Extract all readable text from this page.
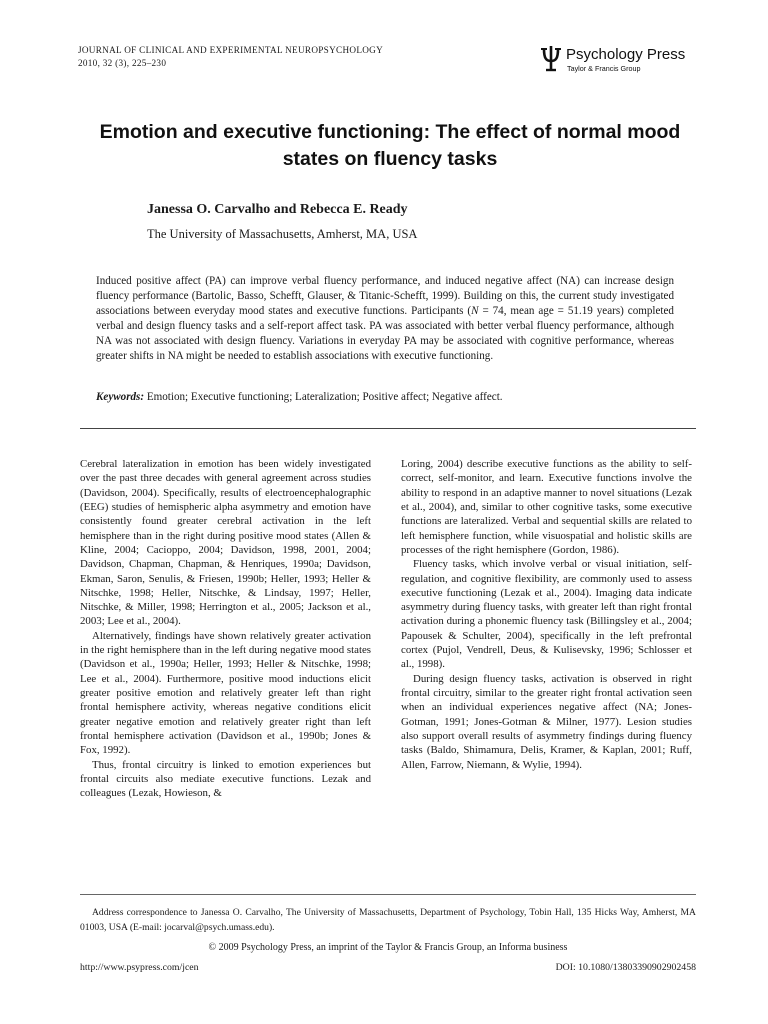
JOURNAL OF CLINICAL AND EXPERIMENTAL NEUROPSYCHOLOGY
2010, 32 (3), 225–230	Psychology Press
Taylor & Francis Group
Emotion and executive functioning: The effect of normal mood states on fluency tasks
Janessa O. Carvalho and Rebecca E. Ready
The University of Massachusetts, Amherst, MA, USA
Induced positive affect (PA) can improve verbal fluency performance, and induced negative affect (NA) can increase design fluency performance (Bartolic, Basso, Schefft, Glauser, & Titanic-Schefft, 1999). Building on this, the current study investigated associations between everyday mood states and executive functions. Participants (N = 74, mean age = 51.19 years) completed verbal and design fluency tasks and a self-report affect task. PA was associated with better verbal fluency performance, although NA was not associated with design fluency. Variations in everyday PA may be associated with cognitive performance, whereas greater shifts in NA might be needed to establish associations with executive functioning.
Keywords: Emotion; Executive functioning; Lateralization; Positive affect; Negative affect.

Cerebral lateralization in emotion has been widely investigated over the past three decades with general agreement across studies (Davidson, 2004). Specifically, results of electroencephalographic (EEG) studies of hemispheric alpha asymmetry and emotion have consistently found greater cerebral activation in the left hemisphere than in the right during positive mood states (Allen & Kline, 2004; Cacioppo, 2004; Davidson, 1998, 2001, 2004; Davidson, Chapman, Chapman, & Henriques, 1990a; Davidson, Ekman, Saron, Senulis, & Friesen, 1990b; Heller, 1993; Heller & Nitschke, 1998; Heller, Nitschke, & Lindsay, 1997; Heller, Nitschke, & Miller, 1998; Herrington et al., 2005; Jackson et al., 2003; Lee et al., 2004).

Alternatively, findings have shown relatively greater activation in the right hemisphere than in the left during negative mood states (Davidson et al., 1990a; Heller, 1993; Heller & Nitschke, 1998; Lee et al., 2004). Furthermore, positive mood inductions elicit greater positive emotion and relatively greater left than right frontal hemisphere activity, whereas negative conditions elicit greater negative emotion and relatively greater right than left frontal hemisphere activation (Davidson et al., 1990b; Jones & Fox, 1992).

Thus, frontal circuitry is linked to emotion experiences but frontal circuits also mediate executive functions. Lezak and colleagues (Lezak, Howieson, &

Loring, 2004) describe executive functions as the ability to self-correct, self-monitor, and learn. Executive functions involve the ability to respond in an adaptive manner to novel situations (Lezak et al., 2004), and, similar to other cognitive tasks, some executive functions are lateralized. Verbal and sequential skills are related to left hemisphere function, while visuospatial and holistic skills are processes of the right hemisphere (Gordon, 1986).

Fluency tasks, which involve verbal or visual initiation, self-regulation, and cognitive flexibility, are commonly used to assess executive functioning (Lezak et al., 2004). Imaging data indicate asymmetry during fluency tasks, with greater left than right frontal activation during a phonemic fluency task (Billingsley et al., 2004; Papousek & Schulter, 2004), specifically in the left prefrontal cortex (Pujol, Vendrell, Deus, & Kulisevsky, 1996; Schlosser et al., 1998).

During design fluency tasks, activation is observed in right frontal circuitry, similar to the greater right frontal activation seen when an individual experiences negative affect (NA; Jones-Gotman, 1991; Jones-Gotman & Milner, 1977). Lesion studies also support overall results of asymmetry findings during fluency tasks (Baldo, Shimamura, Delis, Kramer, & Kaplan, 2001; Ruff, Allen, Farrow, Niemann, & Wylie, 1994).

Address correspondence to Janessa O. Carvalho, The University of Massachusetts, Department of Psychology, Tobin Hall, 135 Hicks Way, Amherst, MA 01003, USA (E-mail: jocarval@psych.umass.edu).
© 2009 Psychology Press, an imprint of the Taylor & Francis Group, an Informa business
http://www.psypress.com/jcen	DOI: 10.1080/13803390902902458
